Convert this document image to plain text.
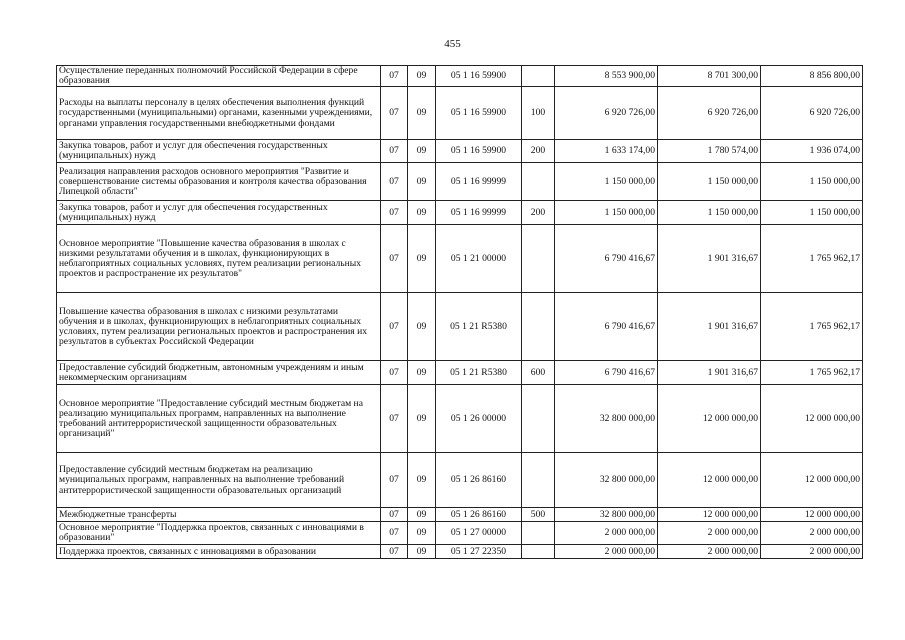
455
Осуществление переданных полномочий Российской Федерации в сфере образования	07	09	05 1 16 59900		8 553 900,00	8 701 300,00	8 856 800,00
Расходы на выплаты персоналу в целях обеспечения выполнения функций государственными (муниципальными) органами, казенными учреждениями, органами управления государственными внебюджетными фондами	07	09	05 1 16 59900	100	6 920 726,00	6 920 726,00	6 920 726,00
Закупка товаров, работ и услуг для обеспечения государственных (муниципальных) нужд	07	09	05 1 16 59900	200	1 633 174,00	1 780 574,00	1 936 074,00
Реализация направления расходов основного мероприятия "Развитие и совершенствование системы образования и контроля качества образования Липецкой области"	07	09	05 1 16 99999		1 150 000,00	1 150 000,00	1 150 000,00
Закупка товаров, работ и услуг для обеспечения государственных (муниципальных) нужд	07	09	05 1 16 99999	200	1 150 000,00	1 150 000,00	1 150 000,00
Основное мероприятие "Повышение качества образования в школах с низкими результатами обучения и в школах, функционирующих в неблагоприятных социальных условиях, путем реализации региональных проектов и распространение их результатов"	07	09	05 1 21 00000		6 790 416,67	1 901 316,67	1 765 962,17
Повышение качества образования в школах с низкими результатами обучения и в школах, функционирующих в неблагоприятных социальных условиях, путем реализации региональных проектов и распространения их результатов в субъектах Российской Федерации	07	09	05 1 21 R5380		6 790 416,67	1 901 316,67	1 765 962,17
Предоставление субсидий бюджетным, автономным учреждениям и иным некоммерческим организациям	07	09	05 1 21 R5380	600	6 790 416,67	1 901 316,67	1 765 962,17
Основное мероприятие "Предоставление субсидий местным бюджетам на реализацию муниципальных программ, направленных на выполнение требований антитеррористической защищенности образовательных организаций"	07	09	05 1 26 00000		32 800 000,00	12 000 000,00	12 000 000,00
Предоставление субсидий местным бюджетам на реализацию муниципальных программ, направленных на выполнение требований антитеррористической защищенности образовательных организаций	07	09	05 1 26 86160		32 800 000,00	12 000 000,00	12 000 000,00
Межбюджетные трансферты	07	09	05 1 26 86160	500	32 800 000,00	12 000 000,00	12 000 000,00
Основное мероприятие "Поддержка проектов, связанных с инновациями в образовании"	07	09	05 1 27 00000		2 000 000,00	2 000 000,00	2 000 000,00
Поддержка проектов, связанных с инновациями в образовании	07	09	05 1 27 22350		2 000 000,00	2 000 000,00	2 000 000,00
